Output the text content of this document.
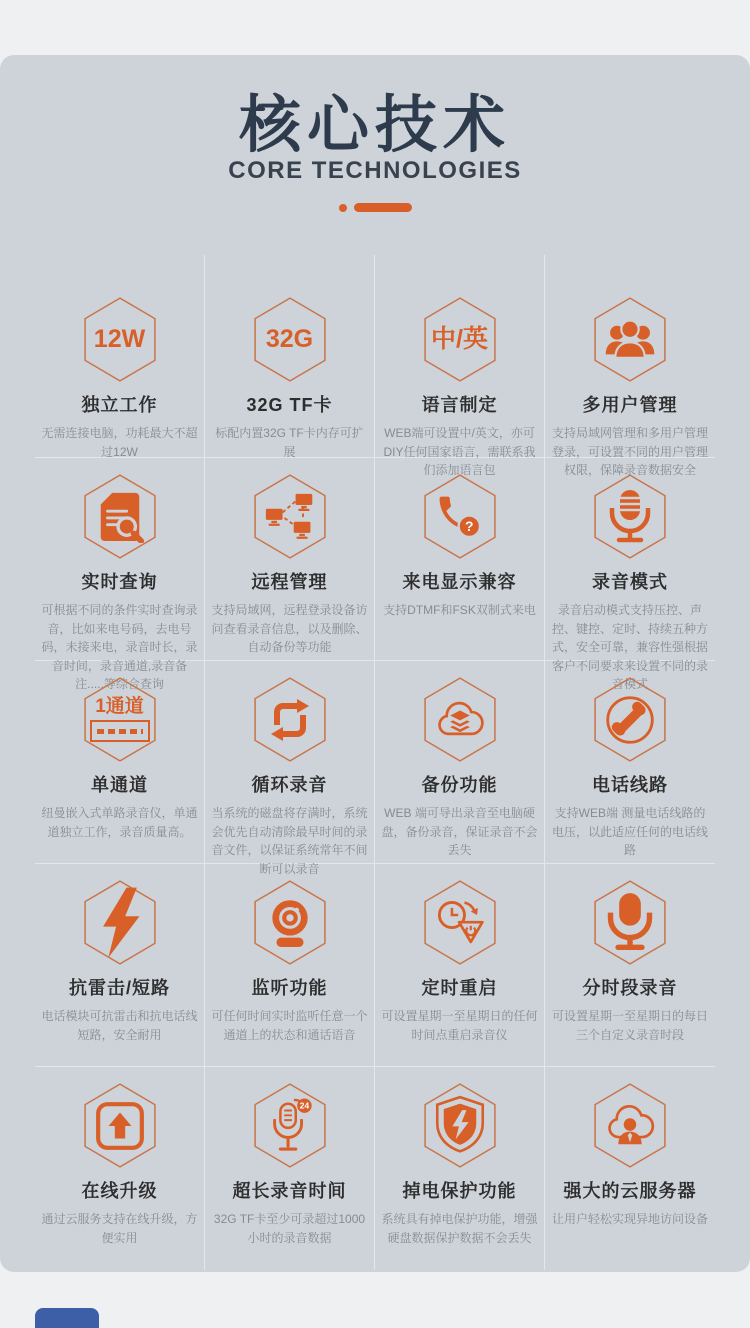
核心技术
CORE TECHNOLOGIES
12W
独立工作
无需连接电脑，功耗最大不超过12W
32G
32G TF卡
标配内置32G TF卡内存可扩展
中/英
语言制定
WEB端可设置中/英文，亦可DIY任何国家语言，需联系我们添加语言包
多用户管理
支持局域网管理和多用户管理登录，可设置不同的用户管理权限，保障录音数据安全
实时查询
可根据不同的条件实时查询录音，比如来电号码，去电号码，未接来电，录音时长，录音时间，录音通道,录音备注.....等综合查询
远程管理
支持局域网，远程登录设备访问查看录音信息，以及删除、自动备份等功能
?
来电显示兼容
支持DTMF和FSK双制式来电
录音模式
录音启动模式支持压控、声控、键控、定时、持续五种方式，安全可靠，兼容性强根据客户不同要求来设置不同的录音模式
1通道
单通道
纽曼嵌入式单路录音仪，单通道独立工作，录音质量高。
循环录音
当系统的磁盘将存满时，系统会优先自动清除最早时间的录音文件，以保证系统常年不间断可以录音
备份功能
WEB 端可导出录音至电脑硬盘，备份录音，保证录音不会丢失
电话线路
支持WEB端 测量电话线路的电压，以此适应任何的电话线路
抗雷击/短路
电话模块可抗雷击和抗电话线短路，安全耐用
监听功能
可任何时间实时监听任意一个通道上的状态和通话语音
定时重启
可设置星期一至星期日的任何时间点重启录音仪
分时段录音
可设置星期一至星期日的每日三个自定义录音时段
在线升级
通过云服务支持在线升级，方便实用
24
超长录音时间
32G TF卡至少可录超过1000小时的录音数据
掉电保护功能
系统具有掉电保护功能，增强硬盘数据保护数据不会丢失
强大的云服务器
让用户轻松实现异地访问设备
